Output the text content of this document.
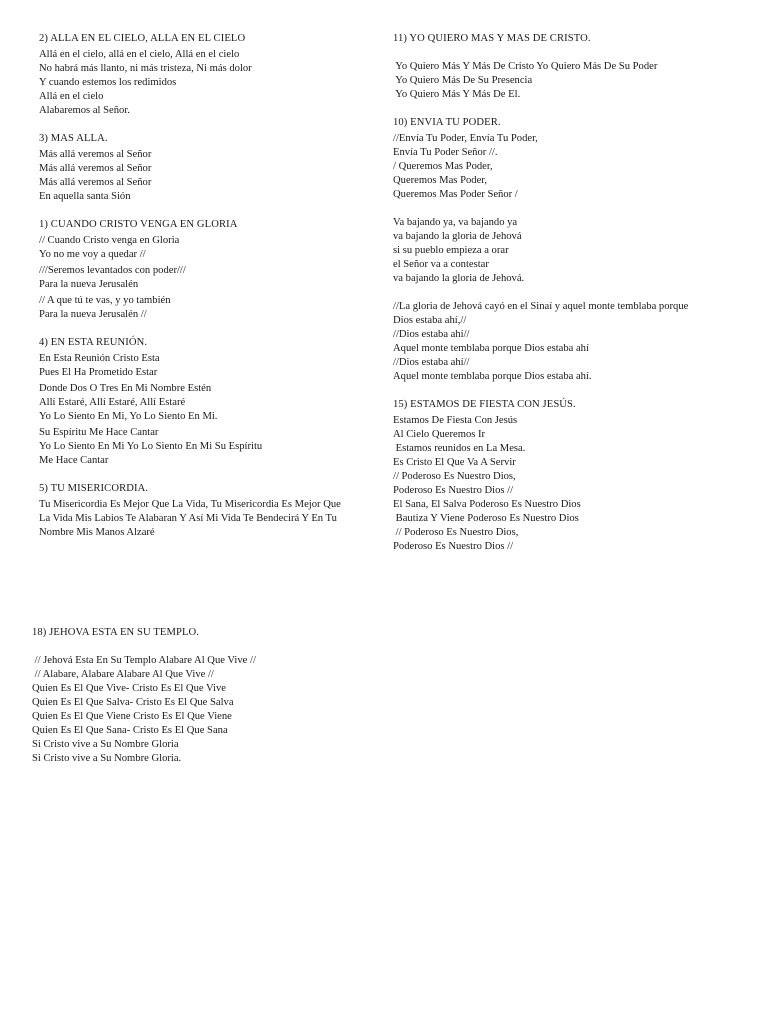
2) ALLA EN EL CIELO, ALLA EN EL CIELO
Allá en el cielo, allá en el cielo, Allá en el cielo
No habrá más llanto, ni más tristeza, Ni más dolor
Y cuando estemos los redimidos
Allá en el cielo
Alabaremos al Señor.
3) MAS ALLA.
Más allá veremos al Señor
Más allá veremos al Señor
Más allá veremos al Señor
En aquella santa Sión
1) CUANDO CRISTO VENGA EN GLORIA
// Cuando Cristo venga en Gloria
Yo no me voy a quedar //
///Seremos levantados con poder///
Para la nueva Jerusalén
// A que tú te vas, y yo también
Para la nueva Jerusalén //
4) EN ESTA REUNIÓN.
En Esta Reunión Cristo Esta
Pues El Ha Prometido Estar
Donde Dos O Tres En Mi Nombre Estén
Allí Estaré, Allí Estaré, Allí Estaré
Yo Lo Siento En Mi, Yo Lo Siento En Mi.
Su Espíritu Me Hace Cantar
Yo Lo Siento En Mi Yo Lo Siento En Mi Su Espíritu
Me Hace Cantar
5) TU MISERICORDIA.
Tu Misericordia Es Mejor Que La Vida, Tu Misericordia Es Mejor Que
La Vida Mis Labios Te Alabaran Y Así Mi Vida Te Bendecirá Y En Tu
Nombre Mis Manos Alzaré
11) YO QUIERO MAS Y MAS DE CRISTO.
Yo Quiero Más Y Más De Cristo Yo Quiero Más De Su Poder
Yo Quiero Más De Su Presencia
Yo Quiero Más Y Más De El.
10) ENVIA TU PODER.
//Envía Tu Poder, Envía Tu Poder,
Envía Tu Poder Señor //.
/ Queremos Mas Poder,
Queremos Mas Poder,
Queremos Mas Poder Señor /
Va bajando ya, va bajando ya
va bajando la gloria de Jehová
si su pueblo empieza a orar
el Señor va a contestar
va bajando la gloria de Jehová.
//La gloria de Jehová cayó en el Sinaí y aquel monte temblaba porque
Dios estaba ahí,//
//Dios estaba ahí//
Aquel monte temblaba porque Dios estaba ahí
//Dios estaba ahí//
Aquel monte temblaba porque Dios estaba ahí.
15) ESTAMOS DE FIESTA CON JESÚS.
Estamos De Fiesta Con Jesús
Al Cielo Queremos Ir
Estamos reunidos en La Mesa.
Es Cristo El Que Va A Servir
// Poderoso Es Nuestro Dios,
Poderoso Es Nuestro Dios //
El Sana, El Salva Poderoso Es Nuestro Dios
Bautiza Y Viene Poderoso Es Nuestro Dios
// Poderoso Es Nuestro Dios,
Poderoso Es Nuestro Dios //
18) JEHOVA ESTA EN SU TEMPLO.
// Jehová Esta En Su Templo Alabare Al Que Vive //
// Alabare, Alabare Alabare Al Que Vive //
Quien Es El Que Vive- Cristo Es El Que Vive
Quien Es El Que Salva- Cristo Es El Que Salva
Quien Es El Que Viene Cristo Es El Que Viene
Quien Es El Que Sana- Cristo Es El Que Sana
Si Cristo vive a Su Nombre Gloria
Si Cristo vive a Su Nombre Gloria.
